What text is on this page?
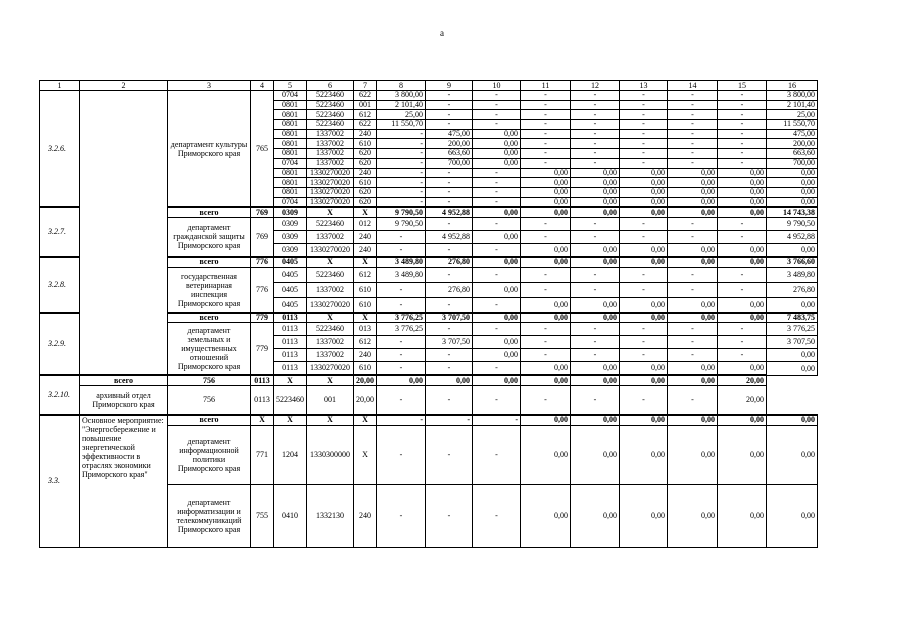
a
1	2	3	4	5	6	7	8	9	10	11	12	13	14	15	16
3.2.6.		департамент культуры Приморского края	765	0704	5223460	622	3 800,00	-	-	-	-	-	-	-	3 800,00
				0801	5223460	001	2 101,40	-	-	-	-	-	-	-	2 101,40
				0801	5223460	612	25,00	-	-	-	-	-	-	-	25,00
				0801	5223460	622	11 550,70	-	-	-	-	-	-	-	11 550,70
				0801	1337002	240	-	475,00	0,00	-	-	-	-	-	475,00
				0801	1337002	610	-	200,00	0,00	-	-	-	-	-	200,00
				0801	1337002	620	-	663,60	0,00	-	-	-	-	-	663,60
				0704	1337002	620	-	700,00	0,00	-	-	-	-	-	700,00
				0801	1330270020	240	-	-	-	0,00	0,00	0,00	0,00	0,00	0,00
				0801	1330270020	610	-	-	-	0,00	0,00	0,00	0,00	0,00	0,00
				0801	1330270020	620	-	-	-	0,00	0,00	0,00	0,00	0,00	0,00
				0704	1330270020	620	-	-	-	0,00	0,00	0,00	0,00	0,00	0,00
3.2.7.		всего	769	0309	X	X	9 790,50	4 952,88	0,00	0,00	0,00	0,00	0,00	0,00	14 743,38
		департамент гражданской защиты Приморского края	769	0309	5223460	012	9 790,50	-	-	-	-	-	-	-	9 790,50
				0309	1337002	240	-	4 952,88	0,00	-	-	-	-	-	4 952,88
				0309	1330270020	240	-	-	-	0,00	0,00	0,00	0,00	0,00	0,00
3.2.8.		всего	776	0405	X	X	3 489,80	276,80	0,00	0,00	0,00	0,00	0,00	0,00	3 766,60
		государственная ветеринарная инспекция Приморского края	776	0405	5223460	612	3 489,80	-	-	-	-	-	-	-	3 489,80
				0405	1337002	610	-	276,80	0,00	-	-	-	-	-	276,80
				0405	1330270020	610	-	-	-	0,00	0,00	0,00	0,00	0,00	0,00
3.2.9.		всего	779	0113	X	X	3 776,25	3 707,50	0,00	0,00	0,00	0,00	0,00	0,00	7 483,75
		департамент земельных и имущественных отношений Приморского края	779	0113	5223460	013	3 776,25	-	-	-	-	-	-	-	3 776,25
				0113	1337002	612	-	3 707,50	0,00	-	-	-	-	-	3 707,50
				0113	1337002	240	-	-	0,00	-	-	-	-	-	0,00
				0113	1330270020	610	-	-	-	0,00	0,00	0,00	0,00	0,00	0,00
3.2.10.	всего	756	0113	X	X	20,00	0,00	0,00	0,00	0,00	0,00	0,00	0,00	20,00	
	архивный отдел Приморского края	756	0113	5223460	001	20,00	-	-	-	-	-	-	-	20,00	
3.3.	Основное мероприятие: "Энергосбережение и повышение энергетической эффективности в отраслях экономики Приморского края"	всего	X	X	X	X	-	-	-	0,00	0,00	0,00	0,00	0,00	0,00
		департамент информационной политики Приморского края	771	1204	1330300000	X	-	-	-	0,00	0,00	0,00	0,00	0,00	0,00
		департамент информатизации и телекоммуникаций Приморского края	755	0410	1332130	240	-	-	-	0,00	0,00	0,00	0,00	0,00	0,00
